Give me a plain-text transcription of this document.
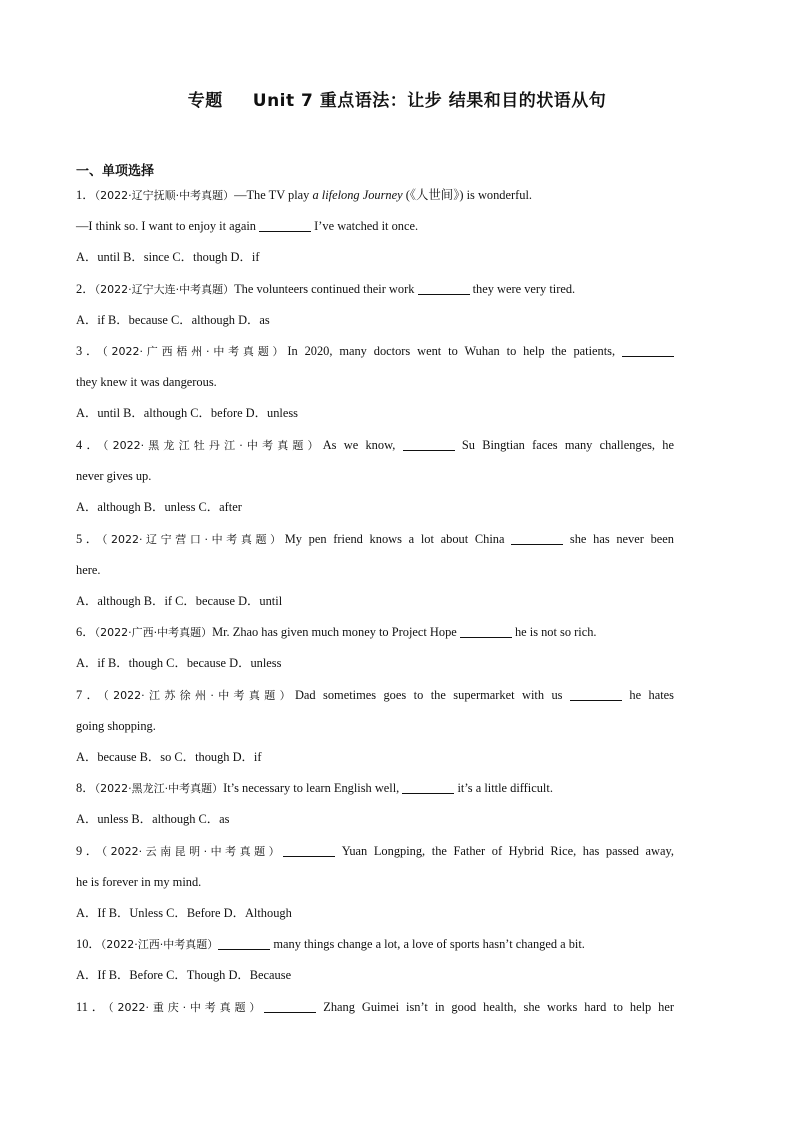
专题 Unit 7 重点语法：让步 结果和目的状语从句
一、单项选择
1．（2022·辽宁抚顺·中考真题）—The TV play a lifelong Journey (《人世间》) is wonderful.
—I think so. I want to enjoy it again	I’ve watched it once.
A．until B．since C．though D．if
2．（2022·辽宁大连·中考真题）The volunteers continued their work	they were very tired.
A．if B．because C．although D．as
3．（2022·广西梧州·中考真题）In 2020, many doctors went to Wuhan to help the patients,
they knew it was dangerous.
A．until B．although C．before D．unless
4．（2022·黑龙江牡丹江·中考真题）As we know,	Su Bingtian faces many challenges, he
never gives up.
A．although B．unless C．after
5．（2022·辽宁营口·中考真题）My pen friend knows a lot about China	she has never been
here.
A．although B．if C．because D．until
6．（2022·广西·中考真题）Mr. Zhao has given much money to Project Hope	he is not so rich.
A．if B．though C．because D．unless
7．（2022·江苏徐州·中考真题）Dad sometimes goes to the supermarket with us	he hates
going shopping.
A．because B．so C．though D．if
8．（2022·黑龙江·中考真题）It’s necessary to learn English well,	it’s a little difficult.
A．unless B．although C．as
9．（2022·云南昆明·中考真题）	Yuan Longping, the Father of Hybrid Rice, has passed away,
he is forever in my mind.
A．If B．Unless C．Before D．Although
10．（2022·江西·中考真题）	many things change a lot, a love of sports hasn’t changed a bit.
A．If B．Before C．Though D．Because
11．（2022·重庆·中考真题）	Zhang Guimei isn’t in good health, she works hard to help her
